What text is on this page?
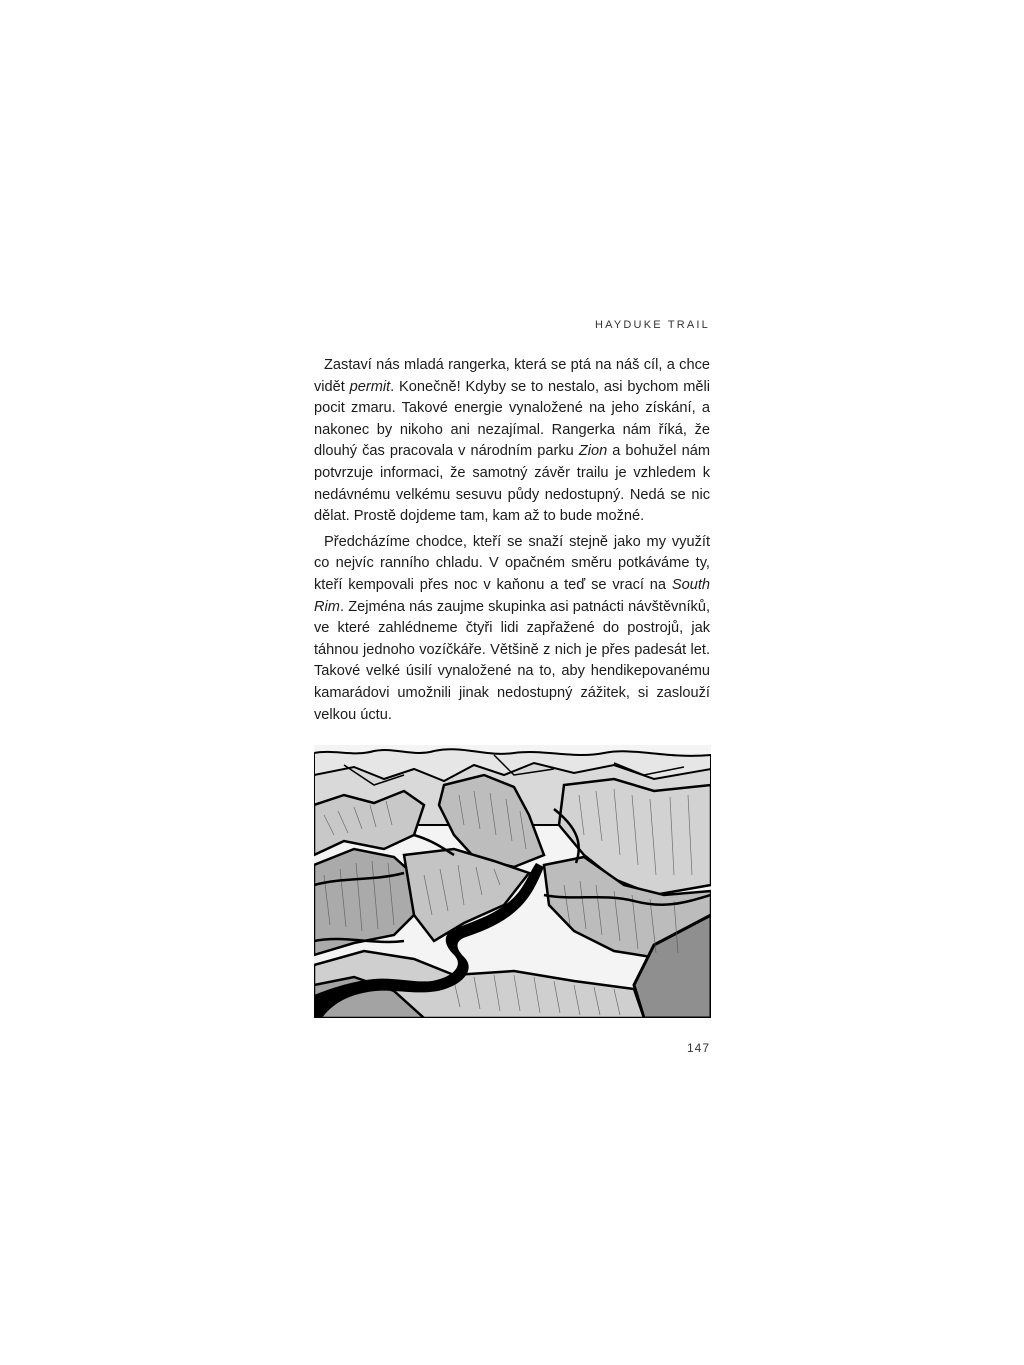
HAYDUKE TRAIL

Zastaví nás mladá rangerka, která se ptá na náš cíl, a chce vidět permit. Konečně! Kdyby se to nestalo, asi bychom měli pocit zmaru. Takové energie vynaložené na jeho získání, a nakonec by nikoho ani nezajímal. Rangerka nám říká, že dlouhý čas pracovala v národním parku Zion a bohužel nám potvrzuje informaci, že samotný závěr trailu je vzhledem k nedávnému velkému sesuvu půdy nedostupný. Nedá se nic dělat. Prostě dojdeme tam, kam až to bude možné.

Předcházíme chodce, kteří se snaží stejně jako my využít co nejvíc ranního chladu. V opačném směru potkáváme ty, kteří kempovali přes noc v kaňonu a teď se vrací na South Rim. Zejména nás zaujme skupinka asi patnácti návštěvníků, ve které zahlédneme čtyři lidi zapřažené do postrojů, jak táhnou jednoho vozíčkáře. Většině z nich je přes padesát let. Takové velké úsilí vynaložené na to, aby hendikepovanému kamarádovi umožnili jinak nedostupný zážitek, si zaslouží velkou úctu.

147
